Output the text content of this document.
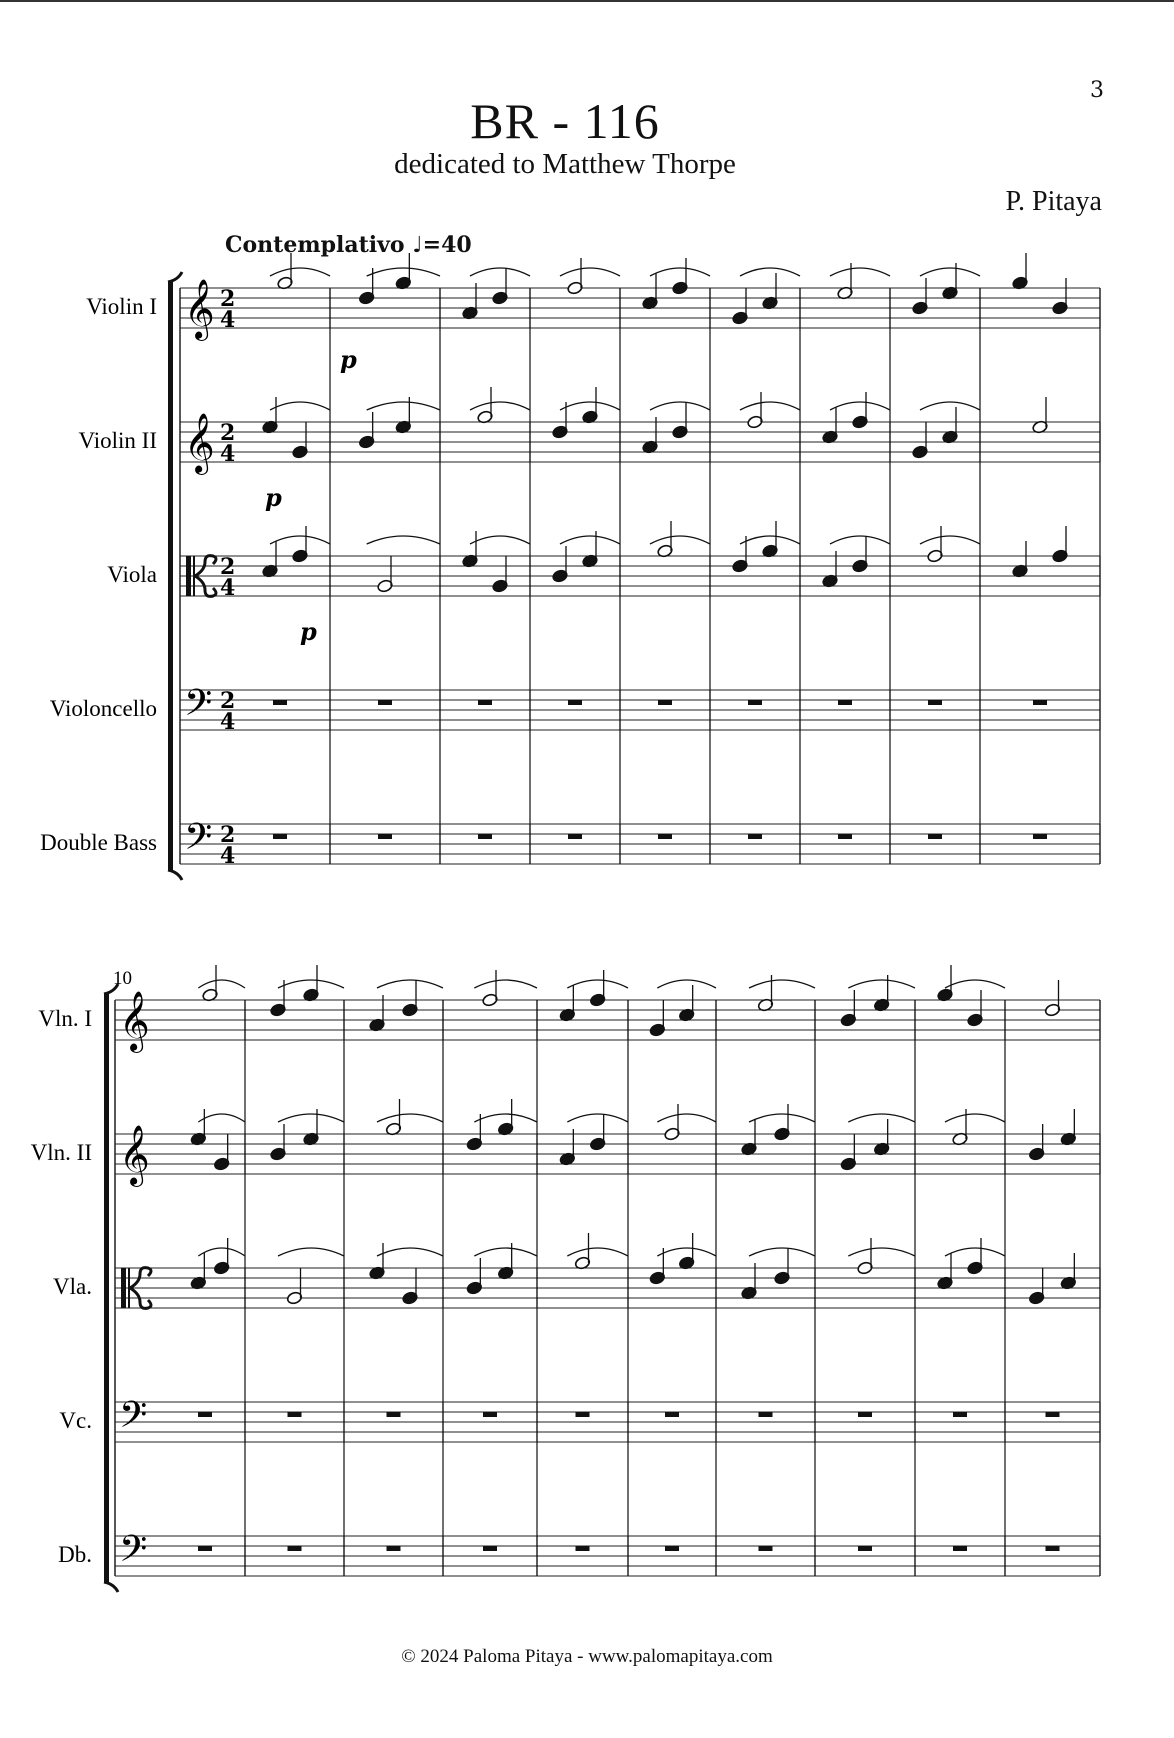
3
BR - 116
dedicated to Matthew Thorpe
P. Pitaya
Contemplativo ♩=40
Violin I 𝄞 2
4
p
Violin II 𝄞 2
4
p
Viola	2
4
p
Violoncello 𝄢 2
4
Double Bass 𝄢 2
4
10
Vln. I 𝄞
Vln. II 𝄞
Vla.
Vc. 𝄢
Db. 𝄢
© 2024 Paloma Pitaya - www.palomapitaya.com
